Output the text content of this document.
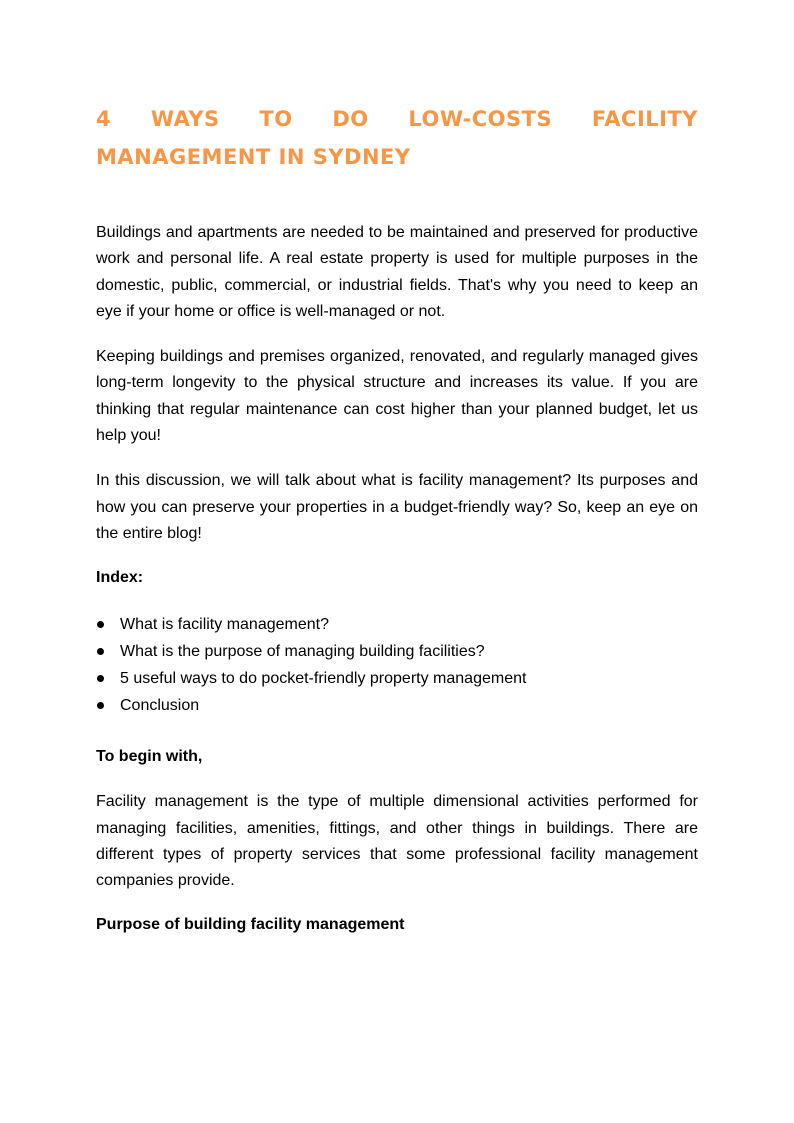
4 WAYS TO DO LOW-COSTS FACILITY
MANAGEMENT IN SYDNEY

Buildings and apartments are needed to be maintained and preserved for productive work and personal life. A real estate property is used for multiple purposes in the domestic, public, commercial, or industrial fields. That's why you need to keep an eye if your home or office is well-managed or not.

Keeping buildings and premises organized, renovated, and regularly managed gives long-term longevity to the physical structure and increases its value. If you are thinking that regular maintenance can cost higher than your planned budget, let us help you!

In this discussion, we will talk about what is facility management? Its purposes and how you can preserve your properties in a budget-friendly way? So, keep an eye on the entire blog!

Index:

What is facility management?
What is the purpose of managing building facilities?
5 useful ways to do pocket-friendly property management
Conclusion

To begin with,

Facility management is the type of multiple dimensional activities performed for managing facilities, amenities, fittings, and other things in buildings. There are different types of property services that some professional facility management companies provide.

Purpose of building facility management
